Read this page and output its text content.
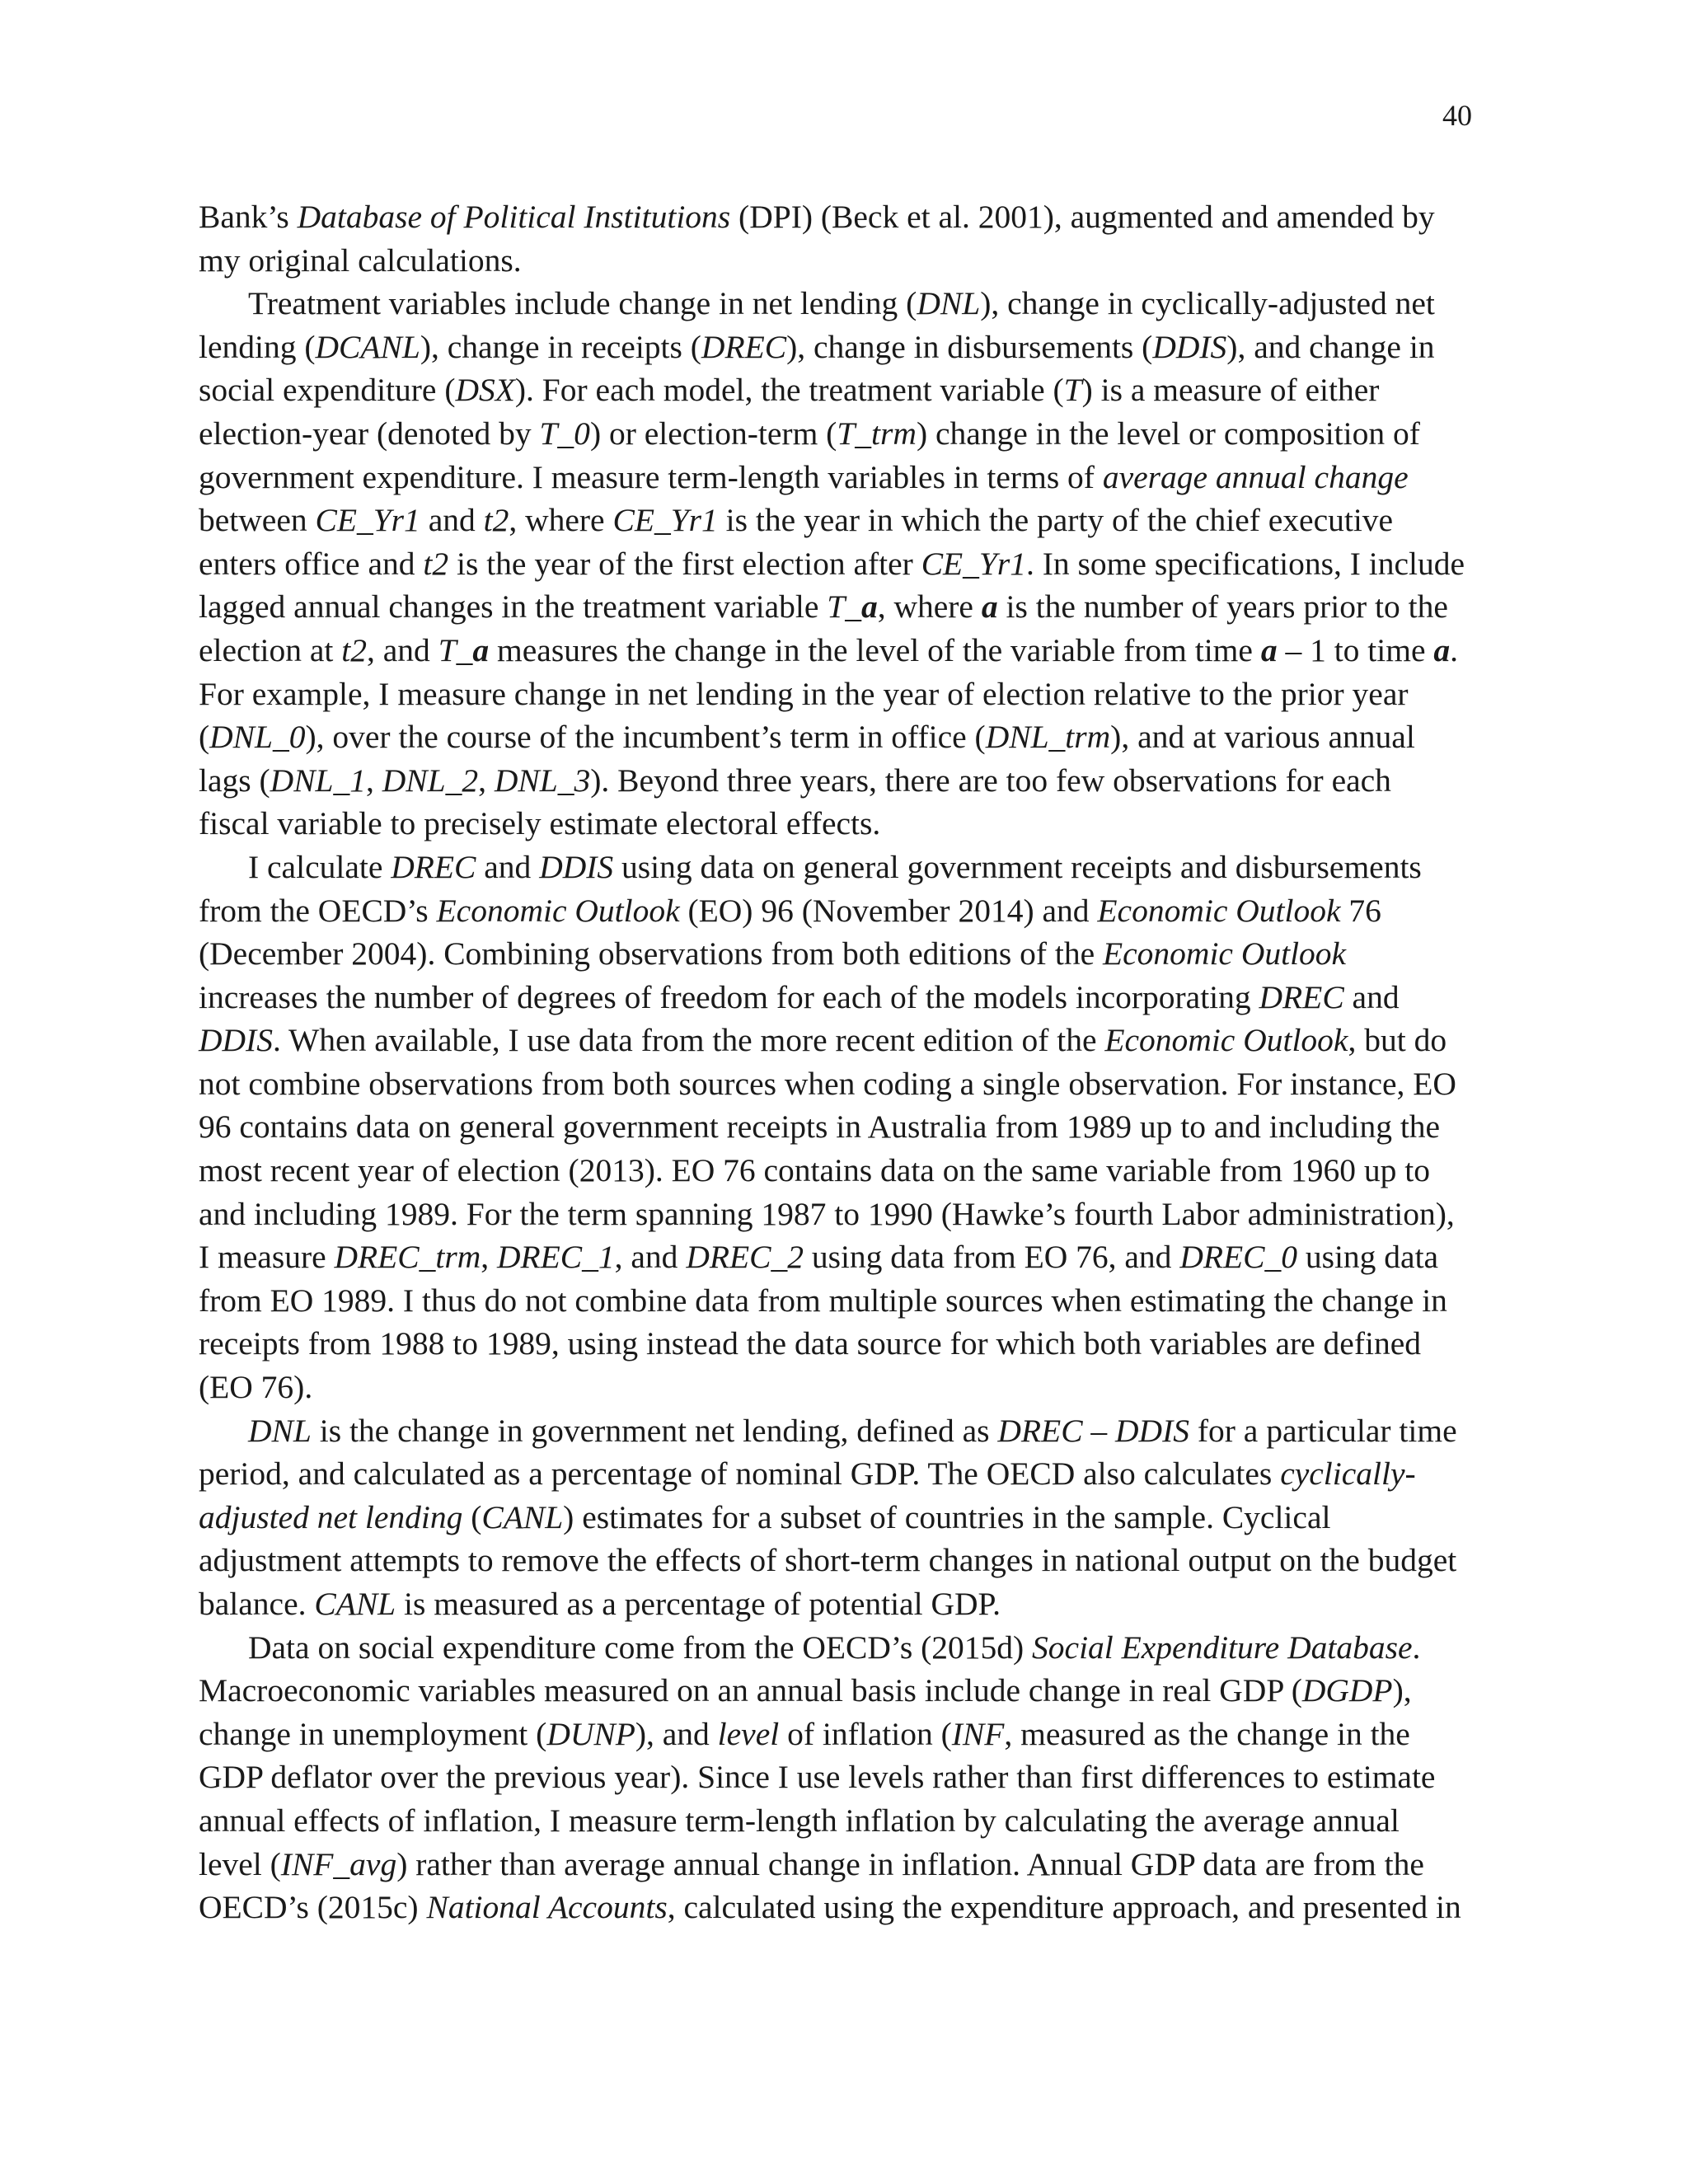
40
Bank’s Database of Political Institutions (DPI) (Beck et al. 2001), augmented and amended by
my original calculations.
Treatment variables include change in net lending (DNL), change in cyclically-adjusted net
lending (DCANL), change in receipts (DREC), change in disbursements (DDIS), and change in
social expenditure (DSX). For each model, the treatment variable (T) is a measure of either
election-year (denoted by T_0) or election-term (T_trm) change in the level or composition of
government expenditure. I measure term-length variables in terms of average annual change
between CE_Yr1 and t2, where CE_Yr1 is the year in which the party of the chief executive
enters office and t2 is the year of the first election after CE_Yr1. In some specifications, I include
lagged annual changes in the treatment variable T_a, where a is the number of years prior to the
election at t2, and T_a measures the change in the level of the variable from time a – 1 to time a.
For example, I measure change in net lending in the year of election relative to the prior year
(DNL_0), over the course of the incumbent’s term in office (DNL_trm), and at various annual
lags (DNL_1, DNL_2, DNL_3). Beyond three years, there are too few observations for each
fiscal variable to precisely estimate electoral effects.
I calculate DREC and DDIS using data on general government receipts and disbursements
from the OECD’s Economic Outlook (EO) 96 (November 2014) and Economic Outlook 76
(December 2004). Combining observations from both editions of the Economic Outlook
increases the number of degrees of freedom for each of the models incorporating DREC and
DDIS. When available, I use data from the more recent edition of the Economic Outlook, but do
not combine observations from both sources when coding a single observation. For instance, EO
96 contains data on general government receipts in Australia from 1989 up to and including the
most recent year of election (2013). EO 76 contains data on the same variable from 1960 up to
and including 1989. For the term spanning 1987 to 1990 (Hawke’s fourth Labor administration),
I measure DREC_trm, DREC_1, and DREC_2 using data from EO 76, and DREC_0 using data
from EO 1989. I thus do not combine data from multiple sources when estimating the change in
receipts from 1988 to 1989, using instead the data source for which both variables are defined
(EO 76).
DNL is the change in government net lending, defined as DREC – DDIS for a particular time
period, and calculated as a percentage of nominal GDP. The OECD also calculates cyclically-
adjusted net lending (CANL) estimates for a subset of countries in the sample. Cyclical
adjustment attempts to remove the effects of short-term changes in national output on the budget
balance. CANL is measured as a percentage of potential GDP.
Data on social expenditure come from the OECD’s (2015d) Social Expenditure Database.
Macroeconomic variables measured on an annual basis include change in real GDP (DGDP),
change in unemployment (DUNP), and level of inflation (INF, measured as the change in the
GDP deflator over the previous year). Since I use levels rather than first differences to estimate
annual effects of inflation, I measure term-length inflation by calculating the average annual
level (INF_avg) rather than average annual change in inflation. Annual GDP data are from the
OECD’s (2015c) National Accounts, calculated using the expenditure approach, and presented in
